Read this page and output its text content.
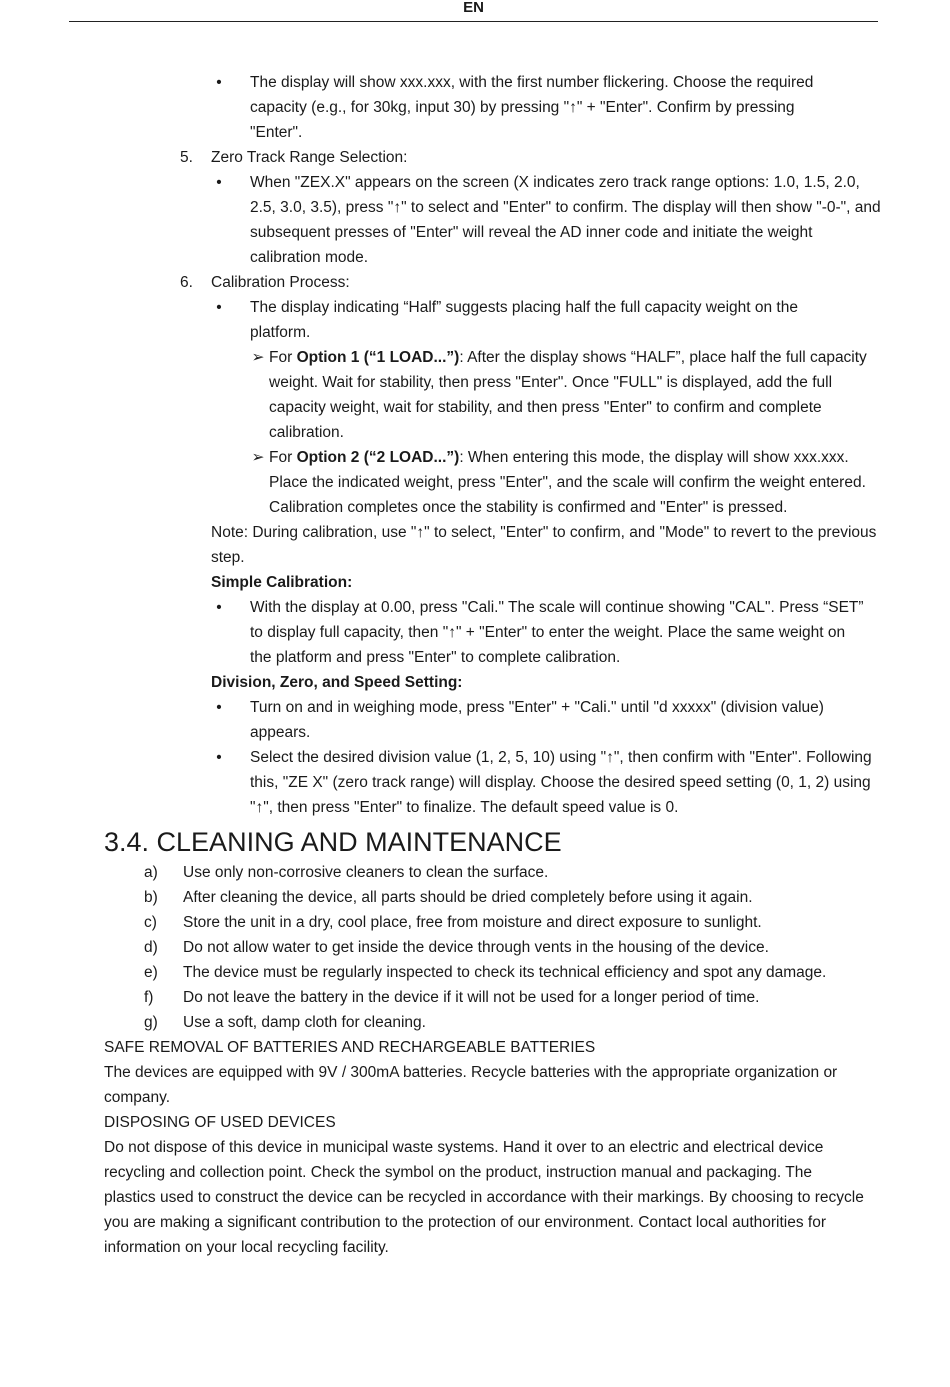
EN
•	The display will show xxx.xxx, with the first number flickering. Choose the required capacity (e.g., for 30kg, input 30) by pressing "↑" + "Enter". Confirm by pressing "Enter".
5. Zero Track Range Selection:
•	When "ZEX.X" appears on the screen (X indicates zero track range options: 1.0, 1.5, 2.0, 2.5, 3.0, 3.5), press "↑" to select and "Enter" to confirm. The display will then show "-0-", and subsequent presses of "Enter" will reveal the AD inner code and initiate the weight calibration mode.
6. Calibration Process:
•	The display indicating “Half” suggests placing half the full capacity weight on the platform.
➢ For Option 1 (“1 LOAD...”): After the display shows “HALF”, place half the full capacity weight. Wait for stability, then press "Enter". Once "FULL" is displayed, add the full capacity weight, wait for stability, and then press "Enter" to confirm and complete calibration.
➢ For Option 2 (“2 LOAD...”): When entering this mode, the display will show xxx.xxx. Place the indicated weight, press "Enter", and the scale will confirm the weight entered. Calibration completes once the stability is confirmed and "Enter" is pressed.
Note: During calibration, use "↑" to select, "Enter" to confirm, and "Mode" to revert to the previous step.
Simple Calibration:
•	With the display at 0.00, press "Cali." The scale will continue showing "CAL". Press “SET” to display full capacity, then "↑" + "Enter" to enter the weight. Place the same weight on the platform and press "Enter" to complete calibration.
Division, Zero, and Speed Setting:
•	Turn on and in weighing mode, press "Enter" + "Cali." until "d xxxxx" (division value) appears.
•	Select the desired division value (1, 2, 5, 10) using "↑", then confirm with "Enter". Following this, "ZE X" (zero track range) will display. Choose the desired speed setting (0, 1, 2) using "↑", then press "Enter" to finalize. The default speed value is 0.
3.4. CLEANING AND MAINTENANCE
a) Use only non-corrosive cleaners to clean the surface.
b) After cleaning the device, all parts should be dried completely before using it again.
c) Store the unit in a dry, cool place, free from moisture and direct exposure to sunlight.
d) Do not allow water to get inside the device through vents in the housing of the device.
e) The device must be regularly inspected to check its technical efficiency and spot any damage.
f) Do not leave the battery in the device if it will not be used for a longer period of time.
g) Use a soft, damp cloth for cleaning.
SAFE REMOVAL OF BATTERIES AND RECHARGEABLE BATTERIES
The devices are equipped with 9V / 300mA batteries. Recycle batteries with the appropriate organization or company.
DISPOSING OF USED DEVICES
Do not dispose of this device in municipal waste systems. Hand it over to an electric and electrical device recycling and collection point. Check the symbol on the product, instruction manual and packaging. The plastics used to construct the device can be recycled in accordance with their markings. By choosing to recycle you are making a significant contribution to the protection of our environment. Contact local authorities for information on your local recycling facility.
